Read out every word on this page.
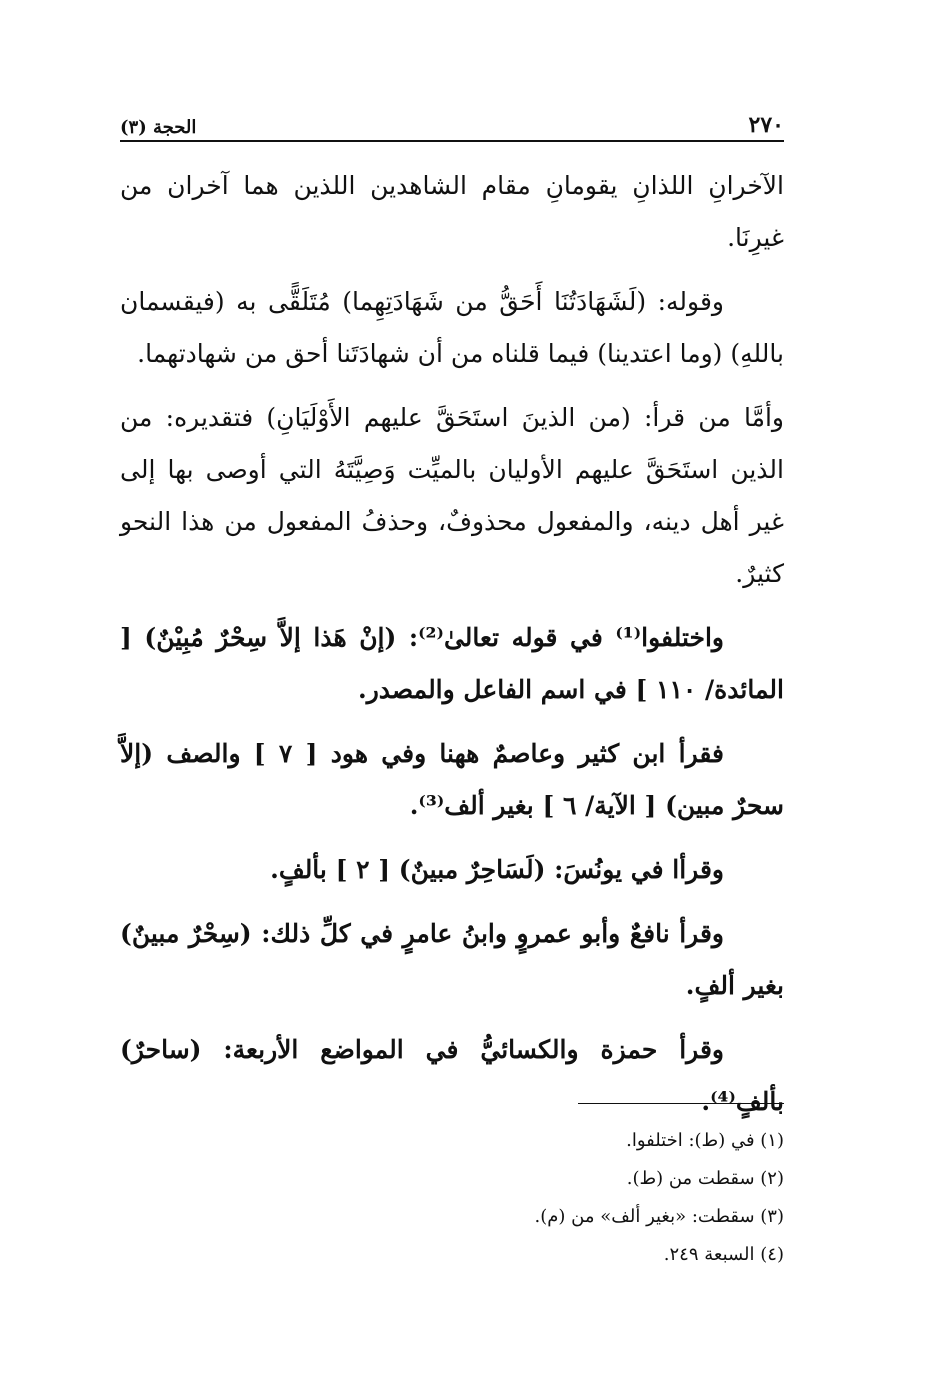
الحجة (٣)	٢٧٠

الآخرانِ اللذانِ يقومانِ مقام الشاهدين اللذين هما آخران من غيرِنَا.

وقوله: (لَشَهَادَتُنَا أَحَقُّ من شَهَادَتِهِما) مُتَلَقًّى به (فيقسمان باللهِ) (وما اعتدينا) فيما قلناه من أن شهادَتَنا أحق من شهادتهما.

وأمَّا من قرأ: (من الذينَ استَحَقَّ عليهم الأَوْلَيَانِ) فتقديره: من الذين استَحَقَّ عليهم الأوليان بالميِّت وَصِيَّتَهُ التي أوصى بها إلى غير أهل دينه، والمفعول محذوفٌ، وحذفُ المفعول من هذا النحو كثيرٌ.

واختلفوا⁽¹⁾ في قوله تعالىٰ⁽²⁾: (إنْ هَذا إلاَّ سِحْرٌ مُبِيْنٌ) [ المائدة/ ١١٠ ] في اسم الفاعل والمصدر.

فقرأ ابن كثير وعاصمٌ ههنا وفي هود [ ٧ ] والصف (إلاَّ سحرٌ مبين) [ الآية/ ٦ ] بغير ألف⁽³⁾.

وقرأا في يونُسَ: (لَسَاحِرٌ مبينٌ) [ ٢ ] بألفٍ.

وقرأ نافعٌ وأبو عمروٍ وابنُ عامرٍ في كلِّ ذلك: (سِحْرٌ مبينٌ) بغير ألفٍ.

وقرأ حمزة والكسائيُّ في المواضع الأربعة: (ساحرٌ) بألفٍ⁽⁴⁾.

(١) في (ط): اختلفوا.
(٢) سقطت من (ط).
(٣) سقطت: «بغير ألف» من (م).
(٤) السبعة ٢٤٩.
